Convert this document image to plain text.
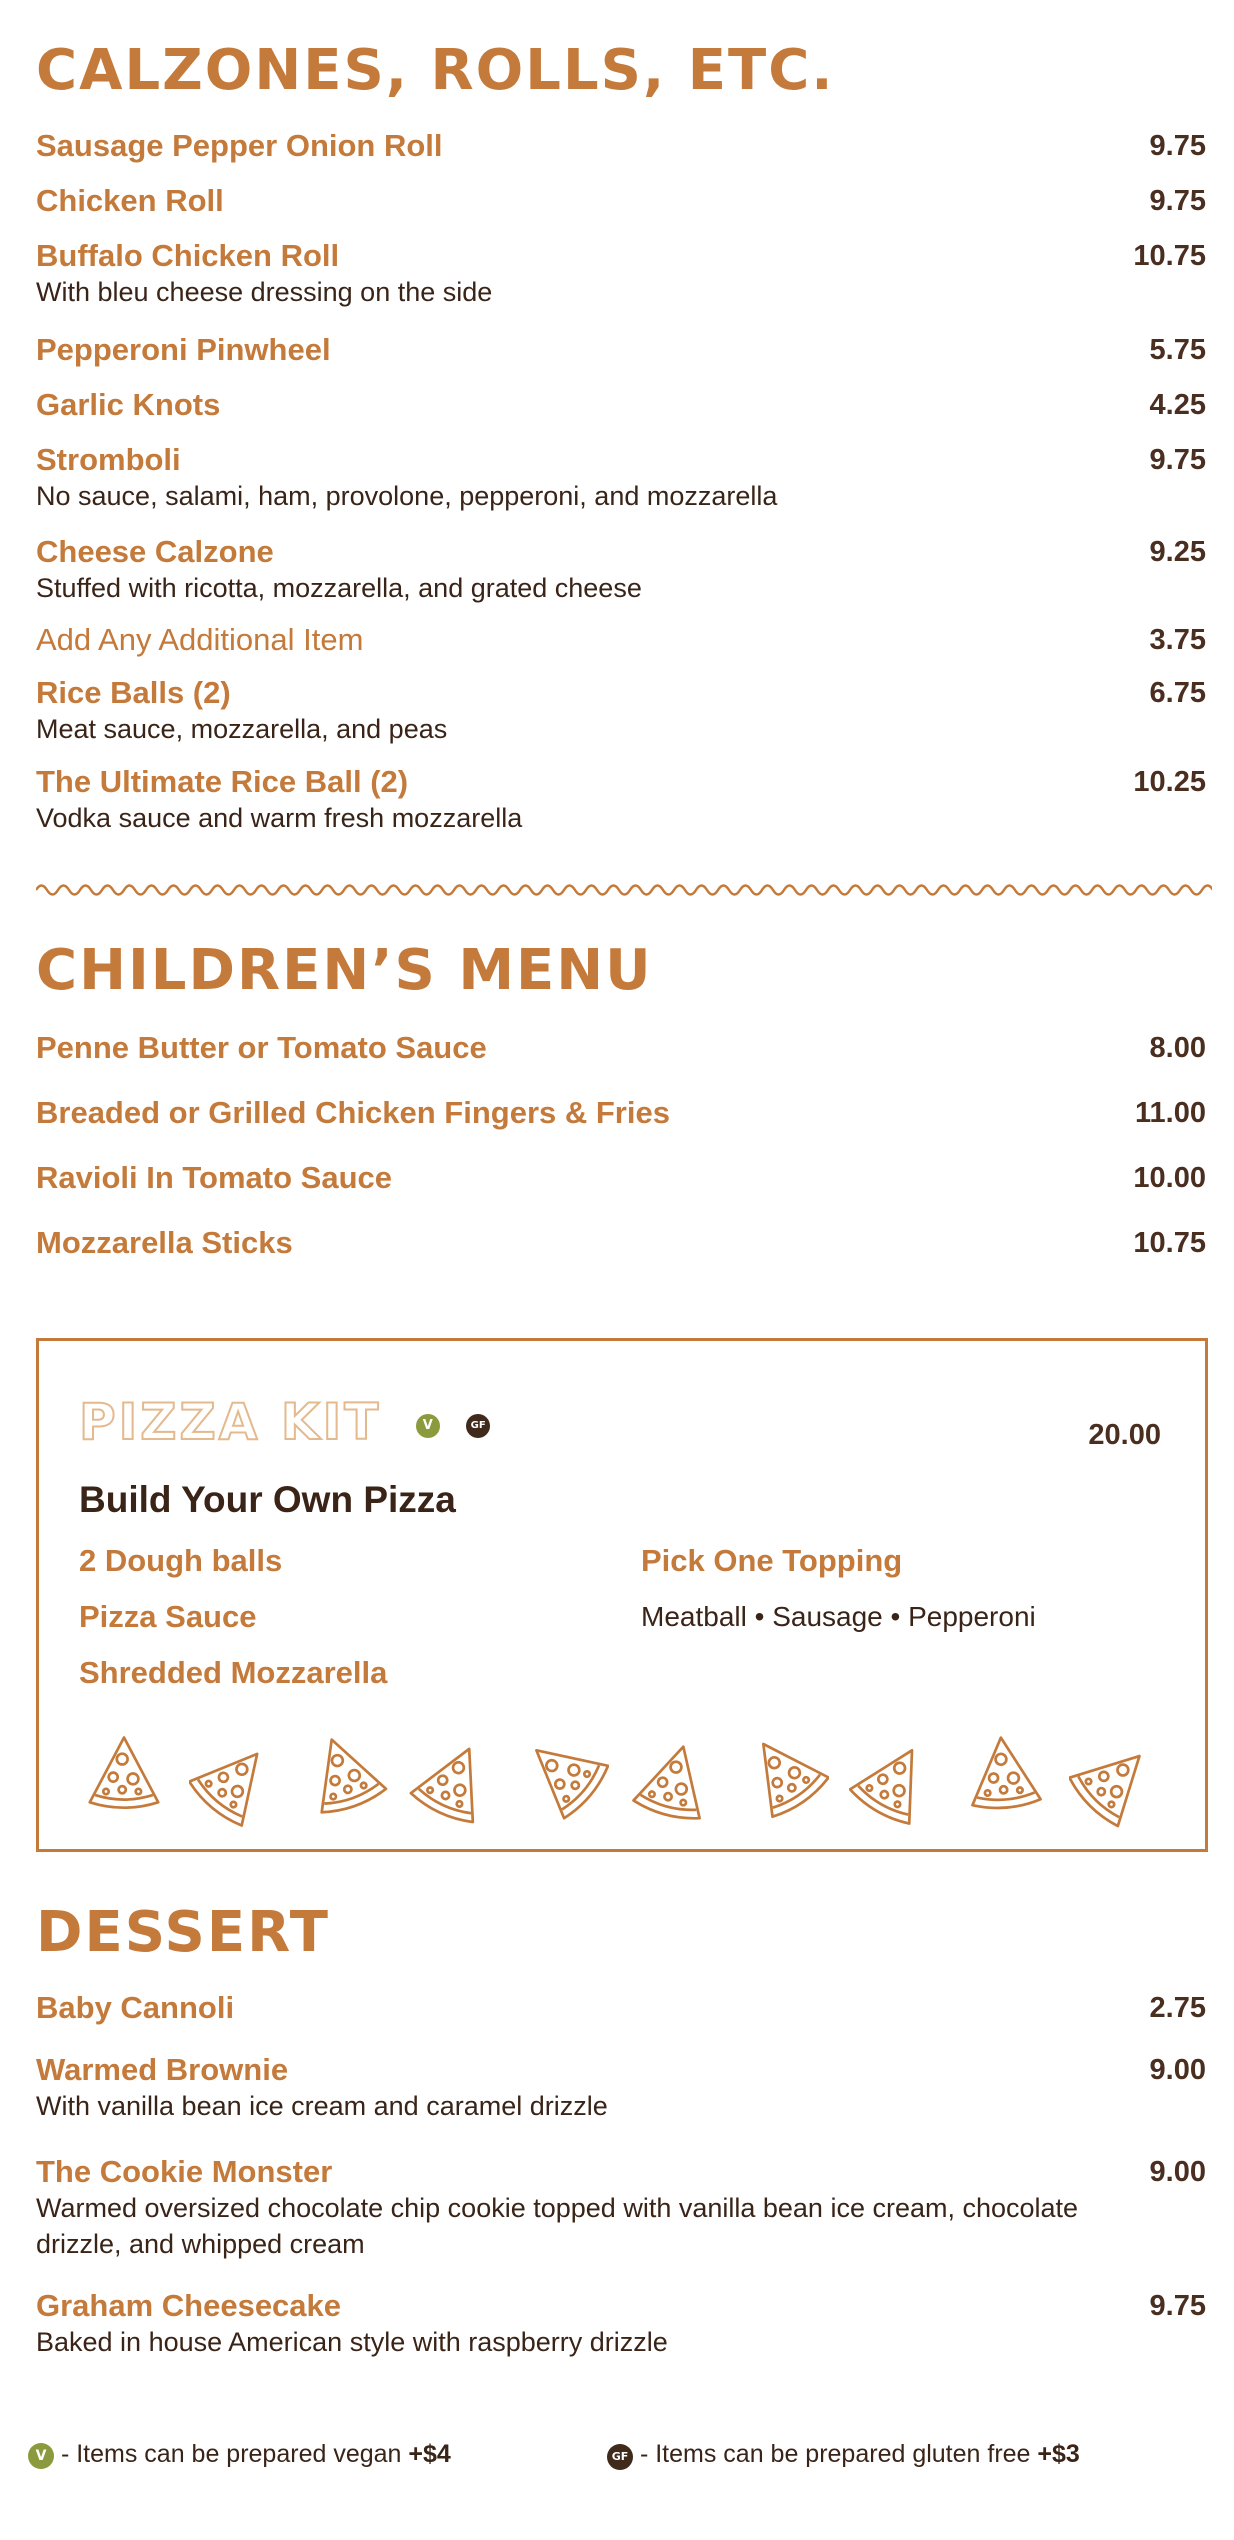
CALZONES, ROLLS, ETC.
Sausage Pepper Onion Roll	9.75
Chicken Roll	9.75
Buffalo Chicken Roll	10.75
With bleu cheese dressing on the side
Pepperoni Pinwheel	5.75
Garlic Knots	4.25
Stromboli	9.75
No sauce, salami, ham, provolone, pepperoni, and mozzarella
Cheese Calzone	9.25
Stuffed with ricotta, mozzarella, and grated cheese
Add Any Additional Item	3.75
Rice Balls (2)	6.75
Meat sauce, mozzarella, and peas
The Ultimate Rice Ball (2)	10.25
Vodka sauce and warm fresh mozzarella
CHILDREN’S MENU
Penne Butter or Tomato Sauce	8.00
Breaded or Grilled Chicken Fingers & Fries	11.00
Ravioli In Tomato Sauce	10.00
Mozzarella Sticks	10.75
PIZZA KIT	V	GF	20.00
Build Your Own Pizza
2 Dough balls
Pizza Sauce
Shredded Mozzarella
Pick One Topping
Meatball • Sausage • Pepperoni
DESSERT
Baby Cannoli	2.75
Warmed Brownie	9.00
With vanilla bean ice cream and caramel drizzle
The Cookie Monster	9.00
Warmed oversized chocolate chip cookie topped with vanilla bean ice cream, chocolate drizzle, and whipped cream
Graham Cheesecake	9.75
Baked in house American style with raspberry drizzle
V - Items can be prepared vegan +$4	GF - Items can be prepared gluten free +$3
